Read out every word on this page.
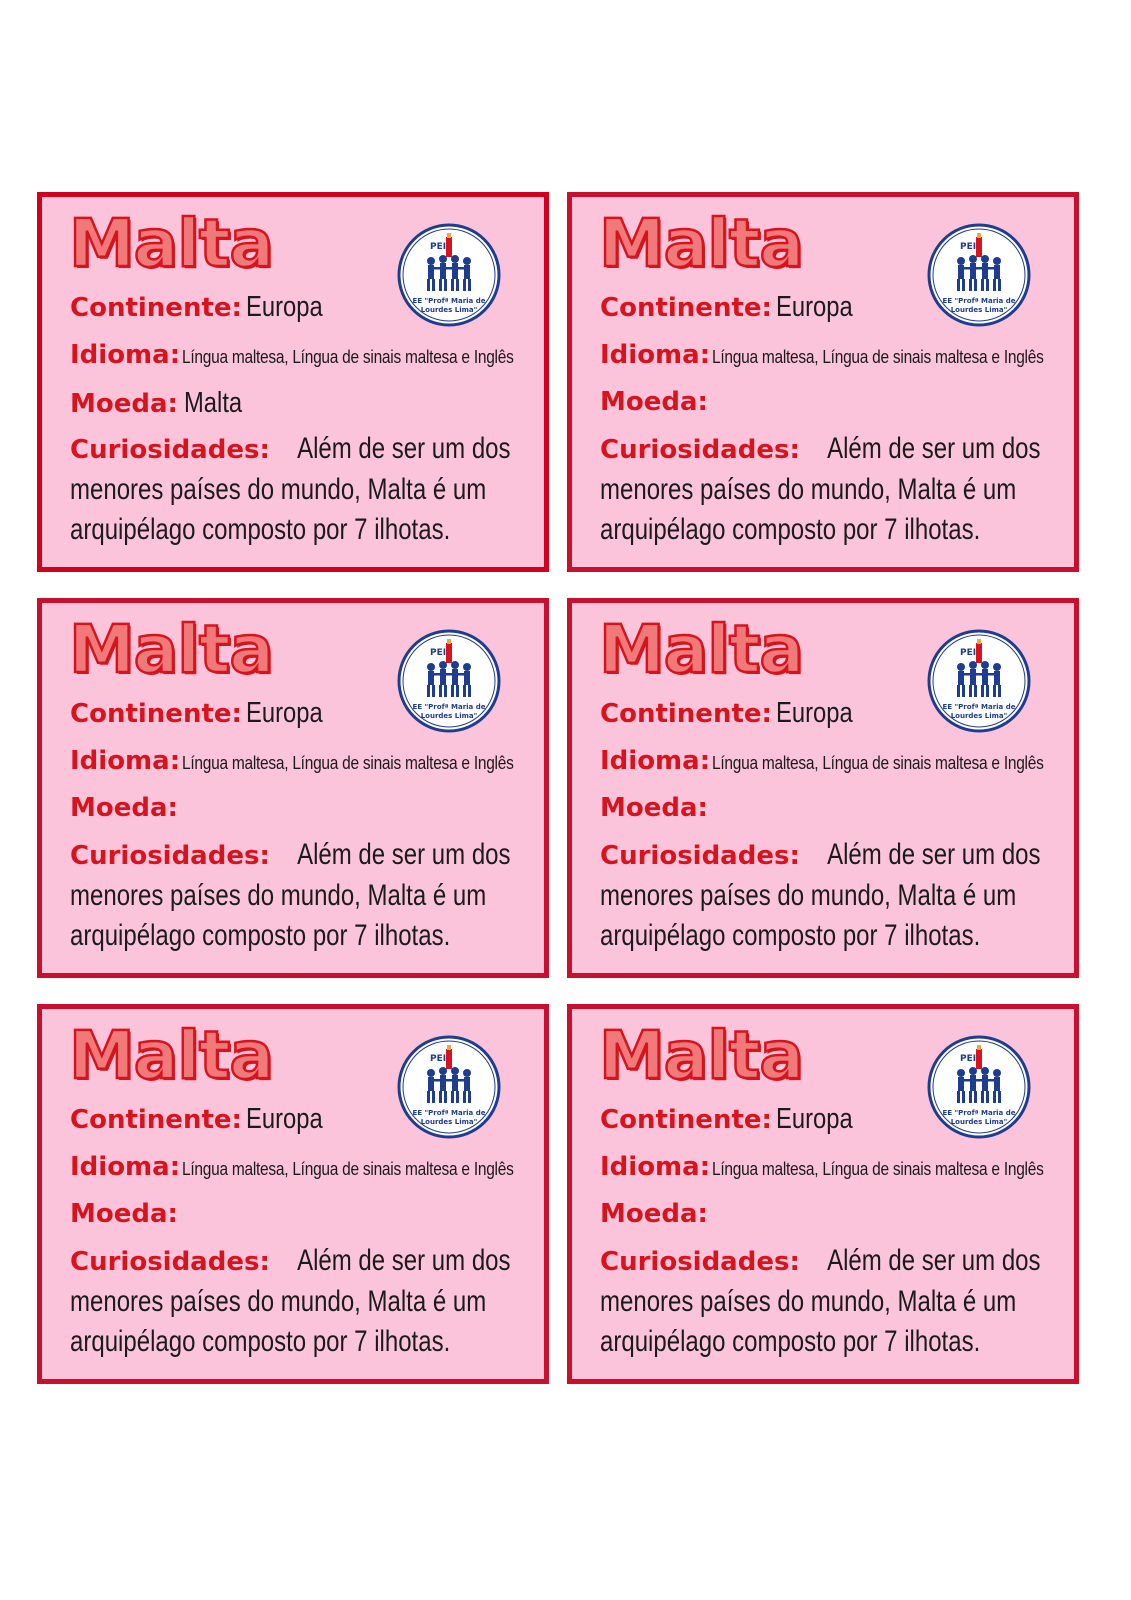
Malta	PEI
EE "Profª Maria de
Lourdes Lima"
Continente: Europa
Idioma: Língua maltesa, Língua de sinais maltesa e Inglês
Moeda: Malta
Curiosidades: Além de ser um dos menores países do mundo, Malta é um arquipélago composto por 7 ilhotas.
Malta	PEI
EE "Profª Maria de
Lourdes Lima"
Continente: Europa
Idioma: Língua maltesa, Língua de sinais maltesa e Inglês
Moeda:
Curiosidades: Além de ser um dos menores países do mundo, Malta é um arquipélago composto por 7 ilhotas.
Malta	PEI
EE "Profª Maria de
Lourdes Lima"
Continente: Europa
Idioma: Língua maltesa, Língua de sinais maltesa e Inglês
Moeda:
Curiosidades: Além de ser um dos menores países do mundo, Malta é um arquipélago composto por 7 ilhotas.
Malta	PEI
EE "Profª Maria de
Lourdes Lima"
Continente: Europa
Idioma: Língua maltesa, Língua de sinais maltesa e Inglês
Moeda:
Curiosidades: Além de ser um dos menores países do mundo, Malta é um arquipélago composto por 7 ilhotas.
Malta	PEI
EE "Profª Maria de
Lourdes Lima"
Continente: Europa
Idioma: Língua maltesa, Língua de sinais maltesa e Inglês
Moeda:
Curiosidades: Além de ser um dos menores países do mundo, Malta é um arquipélago composto por 7 ilhotas.
Malta	PEI
EE "Profª Maria de
Lourdes Lima"
Continente: Europa
Idioma: Língua maltesa, Língua de sinais maltesa e Inglês
Moeda:
Curiosidades: Além de ser um dos menores países do mundo, Malta é um arquipélago composto por 7 ilhotas.
